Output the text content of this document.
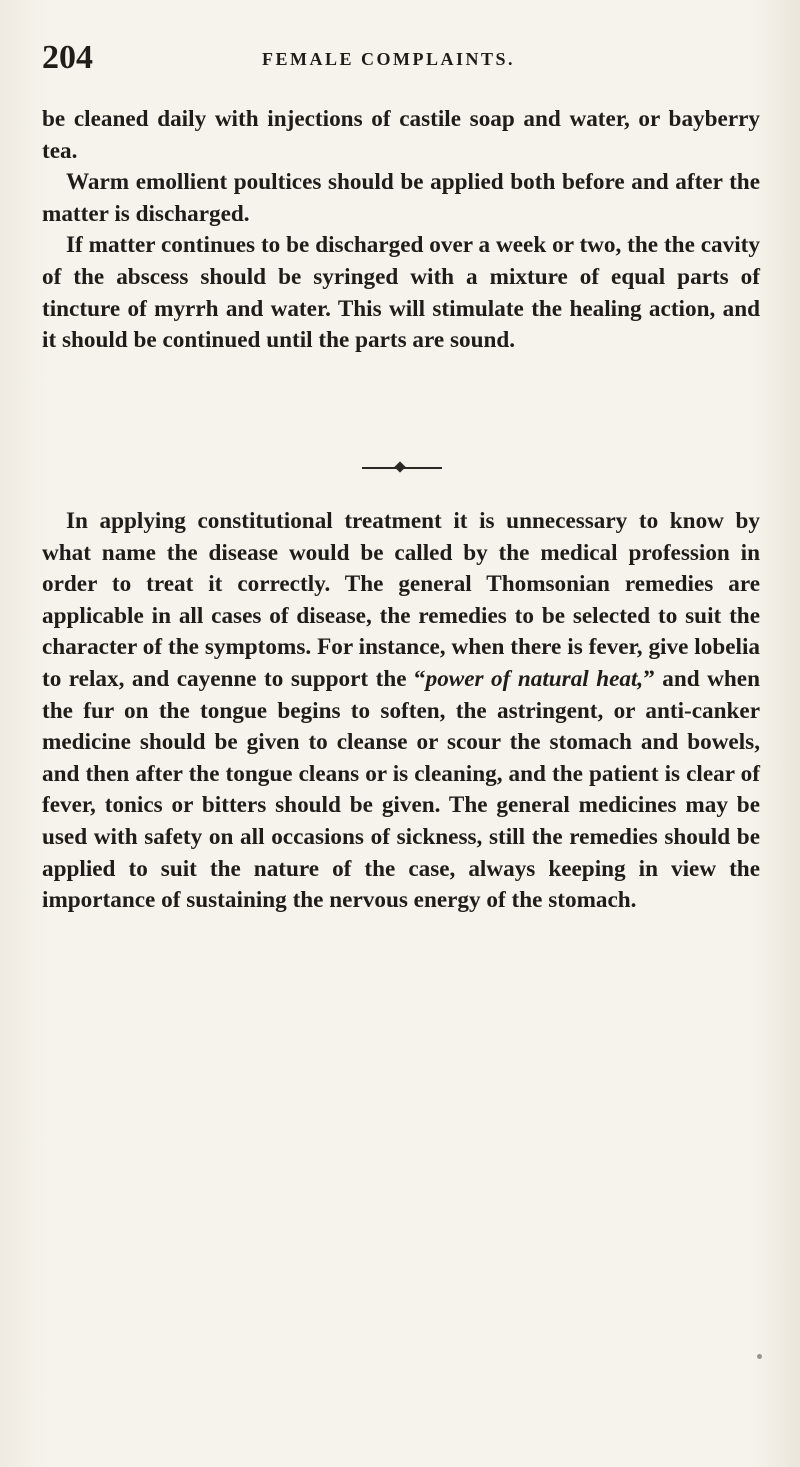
204	FEMALE COMPLAINTS.

be cleaned daily with injections of castile soap and water, or bayberry tea.

Warm emollient poultices should be applied both before and after the matter is discharged.

If matter continues to be discharged over a week or two, the the cavity of the abscess should be syringed with a mixture of equal parts of tincture of myrrh and water. This will stimulate the healing action, and it should be continued until the parts are sound.

In applying constitutional treatment it is unnecessary to know by what name the disease would be called by the medical profession in order to treat it correctly. The general Thomsonian remedies are applicable in all cases of disease, the remedies to be selected to suit the character of the symptoms. For instance, when there is fever, give lobelia to relax, and cayenne to support the “power of natural heat,” and when the fur on the tongue begins to soften, the astringent, or anti-canker medicine should be given to cleanse or scour the stomach and bowels, and then after the tongue cleans or is cleaning, and the patient is clear of fever, tonics or bitters should be given. The general medicines may be used with safety on all occasions of sickness, still the remedies should be applied to suit the nature of the case, always keeping in view the importance of sustaining the nervous energy of the stomach.
